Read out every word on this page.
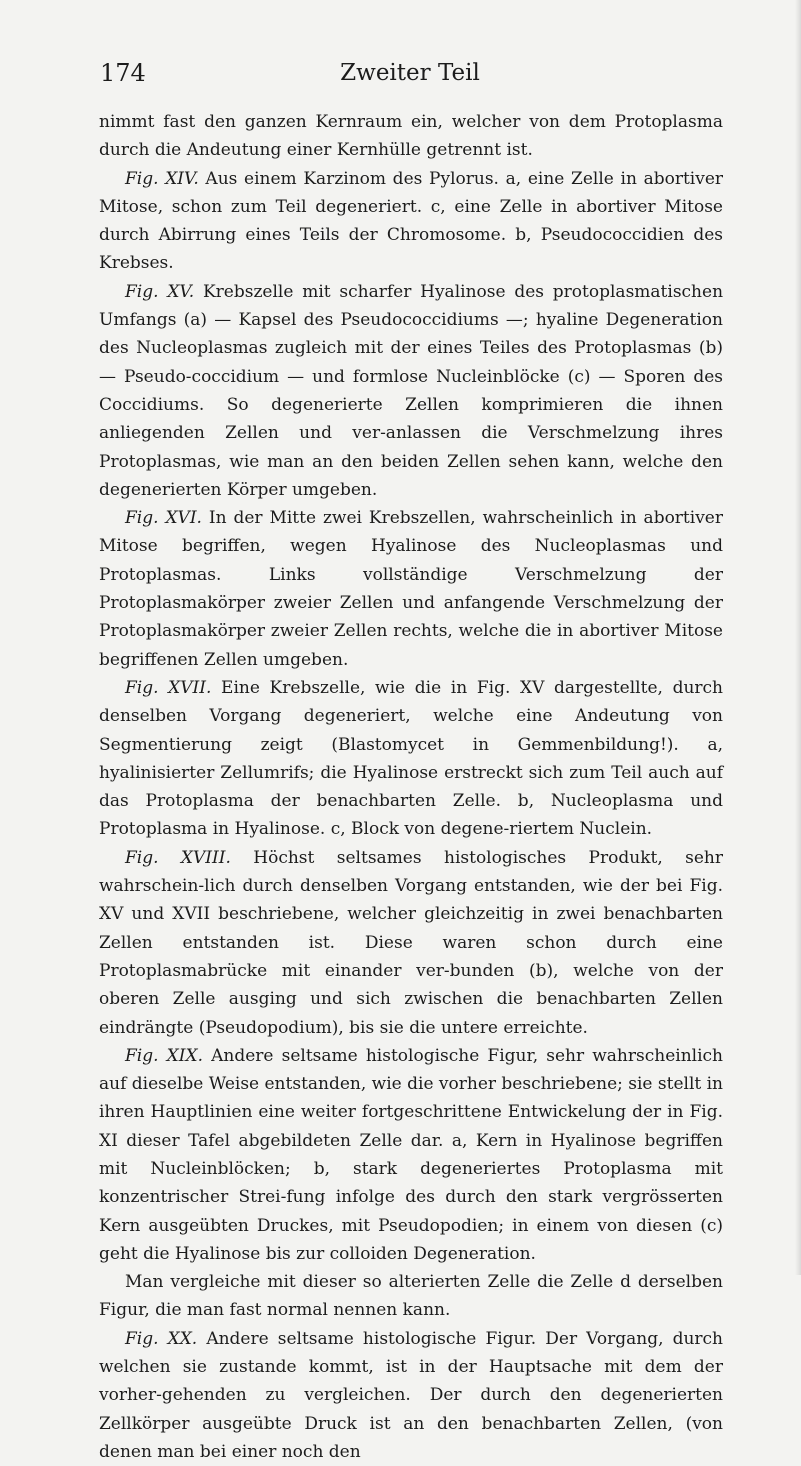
174	Zweiter Teil

nimmt fast den ganzen Kernraum ein, welcher von dem Protoplasma durch die Andeutung einer Kernhülle getrennt ist.

Fig. XIV. Aus einem Karzinom des Pylorus. a, eine Zelle in abortiver Mitose, schon zum Teil degeneriert. c, eine Zelle in abortiver Mitose durch Abirrung eines Teils der Chromosome. b, Pseudococcidien des Krebses.

Fig. XV. Krebszelle mit scharfer Hyalinose des protoplasmatischen Umfangs (a) — Kapsel des Pseudococcidiums —; hyaline Degeneration des Nucleoplasmas zugleich mit der eines Teiles des Protoplasmas (b) — Pseudo-coccidium — und formlose Nucleinblöcke (c) — Sporen des Coccidiums. So degenerierte Zellen komprimieren die ihnen anliegenden Zellen und ver-anlassen die Verschmelzung ihres Protoplasmas, wie man an den beiden Zellen sehen kann, welche den degenerierten Körper umgeben.

Fig. XVI. In der Mitte zwei Krebszellen, wahrscheinlich in abortiver Mitose begriffen, wegen Hyalinose des Nucleoplasmas und Protoplasmas. Links vollständige Verschmelzung der Protoplasmakörper zweier Zellen und anfangende Verschmelzung der Protoplasmakörper zweier Zellen rechts, welche die in abortiver Mitose begriffenen Zellen umgeben.

Fig. XVII. Eine Krebszelle, wie die in Fig. XV dargestellte, durch denselben Vorgang degeneriert, welche eine Andeutung von Segmentierung zeigt (Blastomycet in Gemmenbildung!). a, hyalinisierter Zellumrifs; die Hyalinose erstreckt sich zum Teil auch auf das Protoplasma der benachbarten Zelle. b, Nucleoplasma und Protoplasma in Hyalinose. c, Block von degene-riertem Nuclein.

Fig. XVIII. Höchst seltsames histologisches Produkt, sehr wahrschein-lich durch denselben Vorgang entstanden, wie der bei Fig. XV und XVII beschriebene, welcher gleichzeitig in zwei benachbarten Zellen entstanden ist. Diese waren schon durch eine Protoplasmabrücke mit einander ver-bunden (b), welche von der oberen Zelle ausging und sich zwischen die benachbarten Zellen eindrängte (Pseudopodium), bis sie die untere erreichte.

Fig. XIX. Andere seltsame histologische Figur, sehr wahrscheinlich auf dieselbe Weise entstanden, wie die vorher beschriebene; sie stellt in ihren Hauptlinien eine weiter fortgeschrittene Entwickelung der in Fig. XI dieser Tafel abgebildeten Zelle dar. a, Kern in Hyalinose begriffen mit Nucleinblöcken; b, stark degeneriertes Protoplasma mit konzentrischer Strei-fung infolge des durch den stark vergrösserten Kern ausgeübten Druckes, mit Pseudopodien; in einem von diesen (c) geht die Hyalinose bis zur colloiden Degeneration.

Man vergleiche mit dieser so alterierten Zelle die Zelle d derselben Figur, die man fast normal nennen kann.

Fig. XX. Andere seltsame histologische Figur. Der Vorgang, durch welchen sie zustande kommt, ist in der Hauptsache mit dem der vorher-gehenden zu vergleichen. Der durch den degenerierten Zellkörper ausgeübte Druck ist an den benachbarten Zellen, (von denen man bei einer noch den
